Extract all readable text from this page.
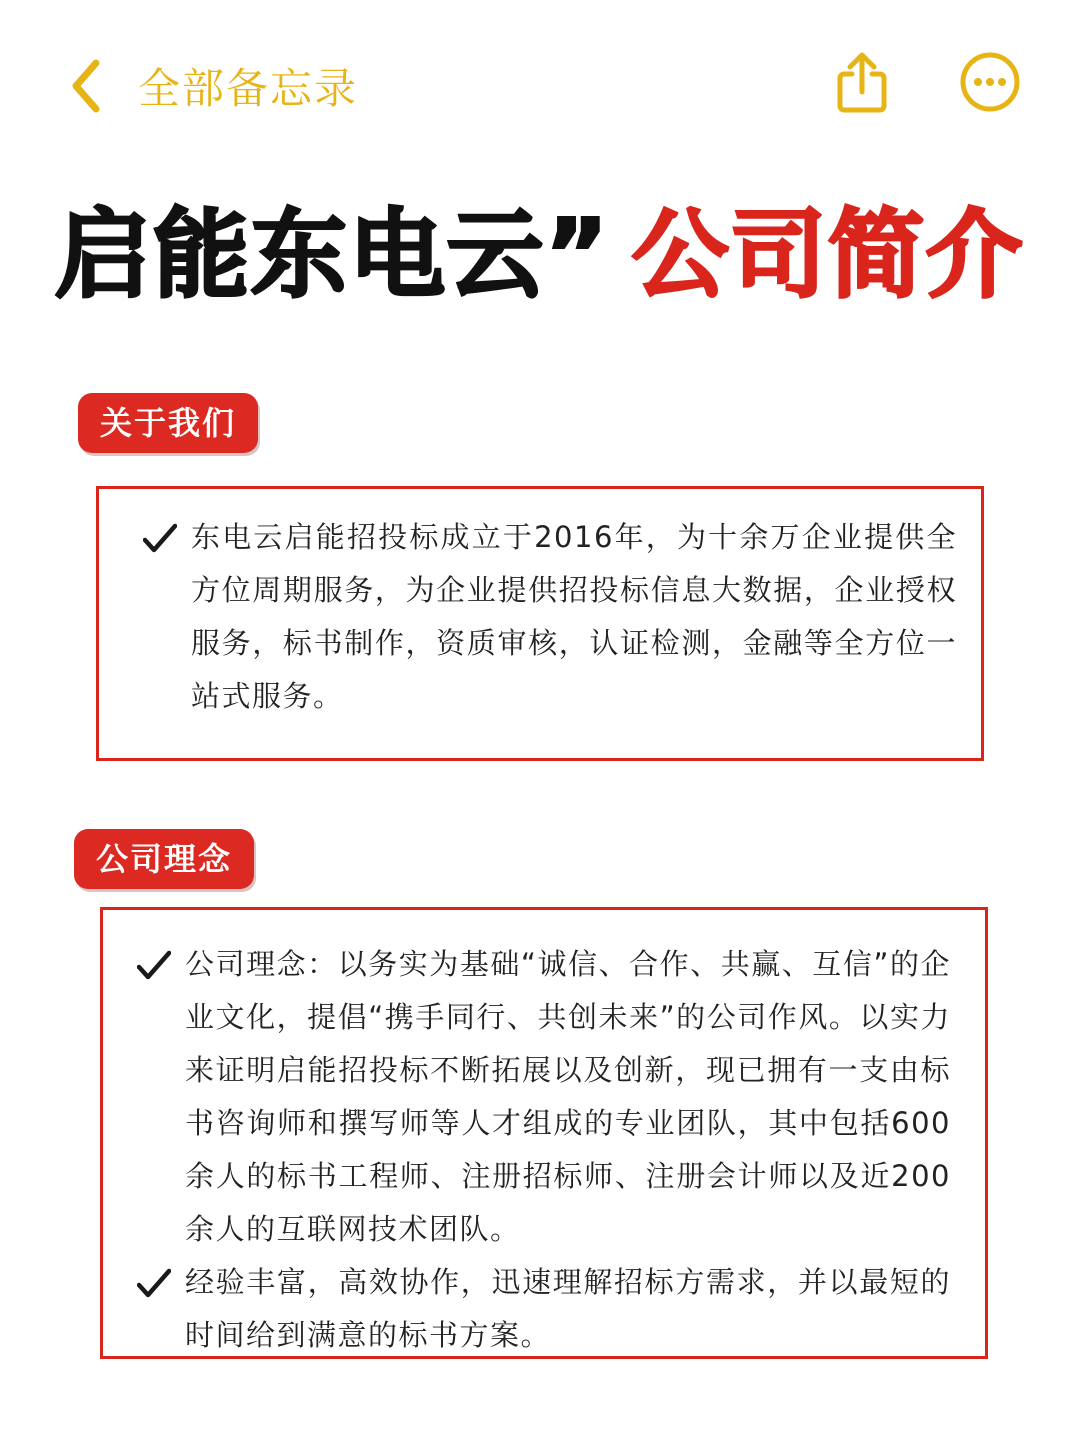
全部备忘录
启能东电云” 公司简介
关于我们
东电云启能招投标成立于2016年，为十余万企业提供全方位周期服务，为企业提供招投标信息大数据，企业授权服务，标书制作，资质审核，认证检测，金融等全方位一站式服务。
公司理念
公司理念：以务实为基础“诚信、合作、共赢、互信”的企业文化，提倡“携手同行、共创未来”的公司作风。以实力来证明启能招投标不断拓展以及创新，现已拥有一支由标书咨询师和撰写师等人才组成的专业团队，其中包括600余人的标书工程师、注册招标师、注册会计师以及近200余人的互联网技术团队。
经验丰富，高效协作，迅速理解招标方需求，并以最短的时间给到满意的标书方案。
